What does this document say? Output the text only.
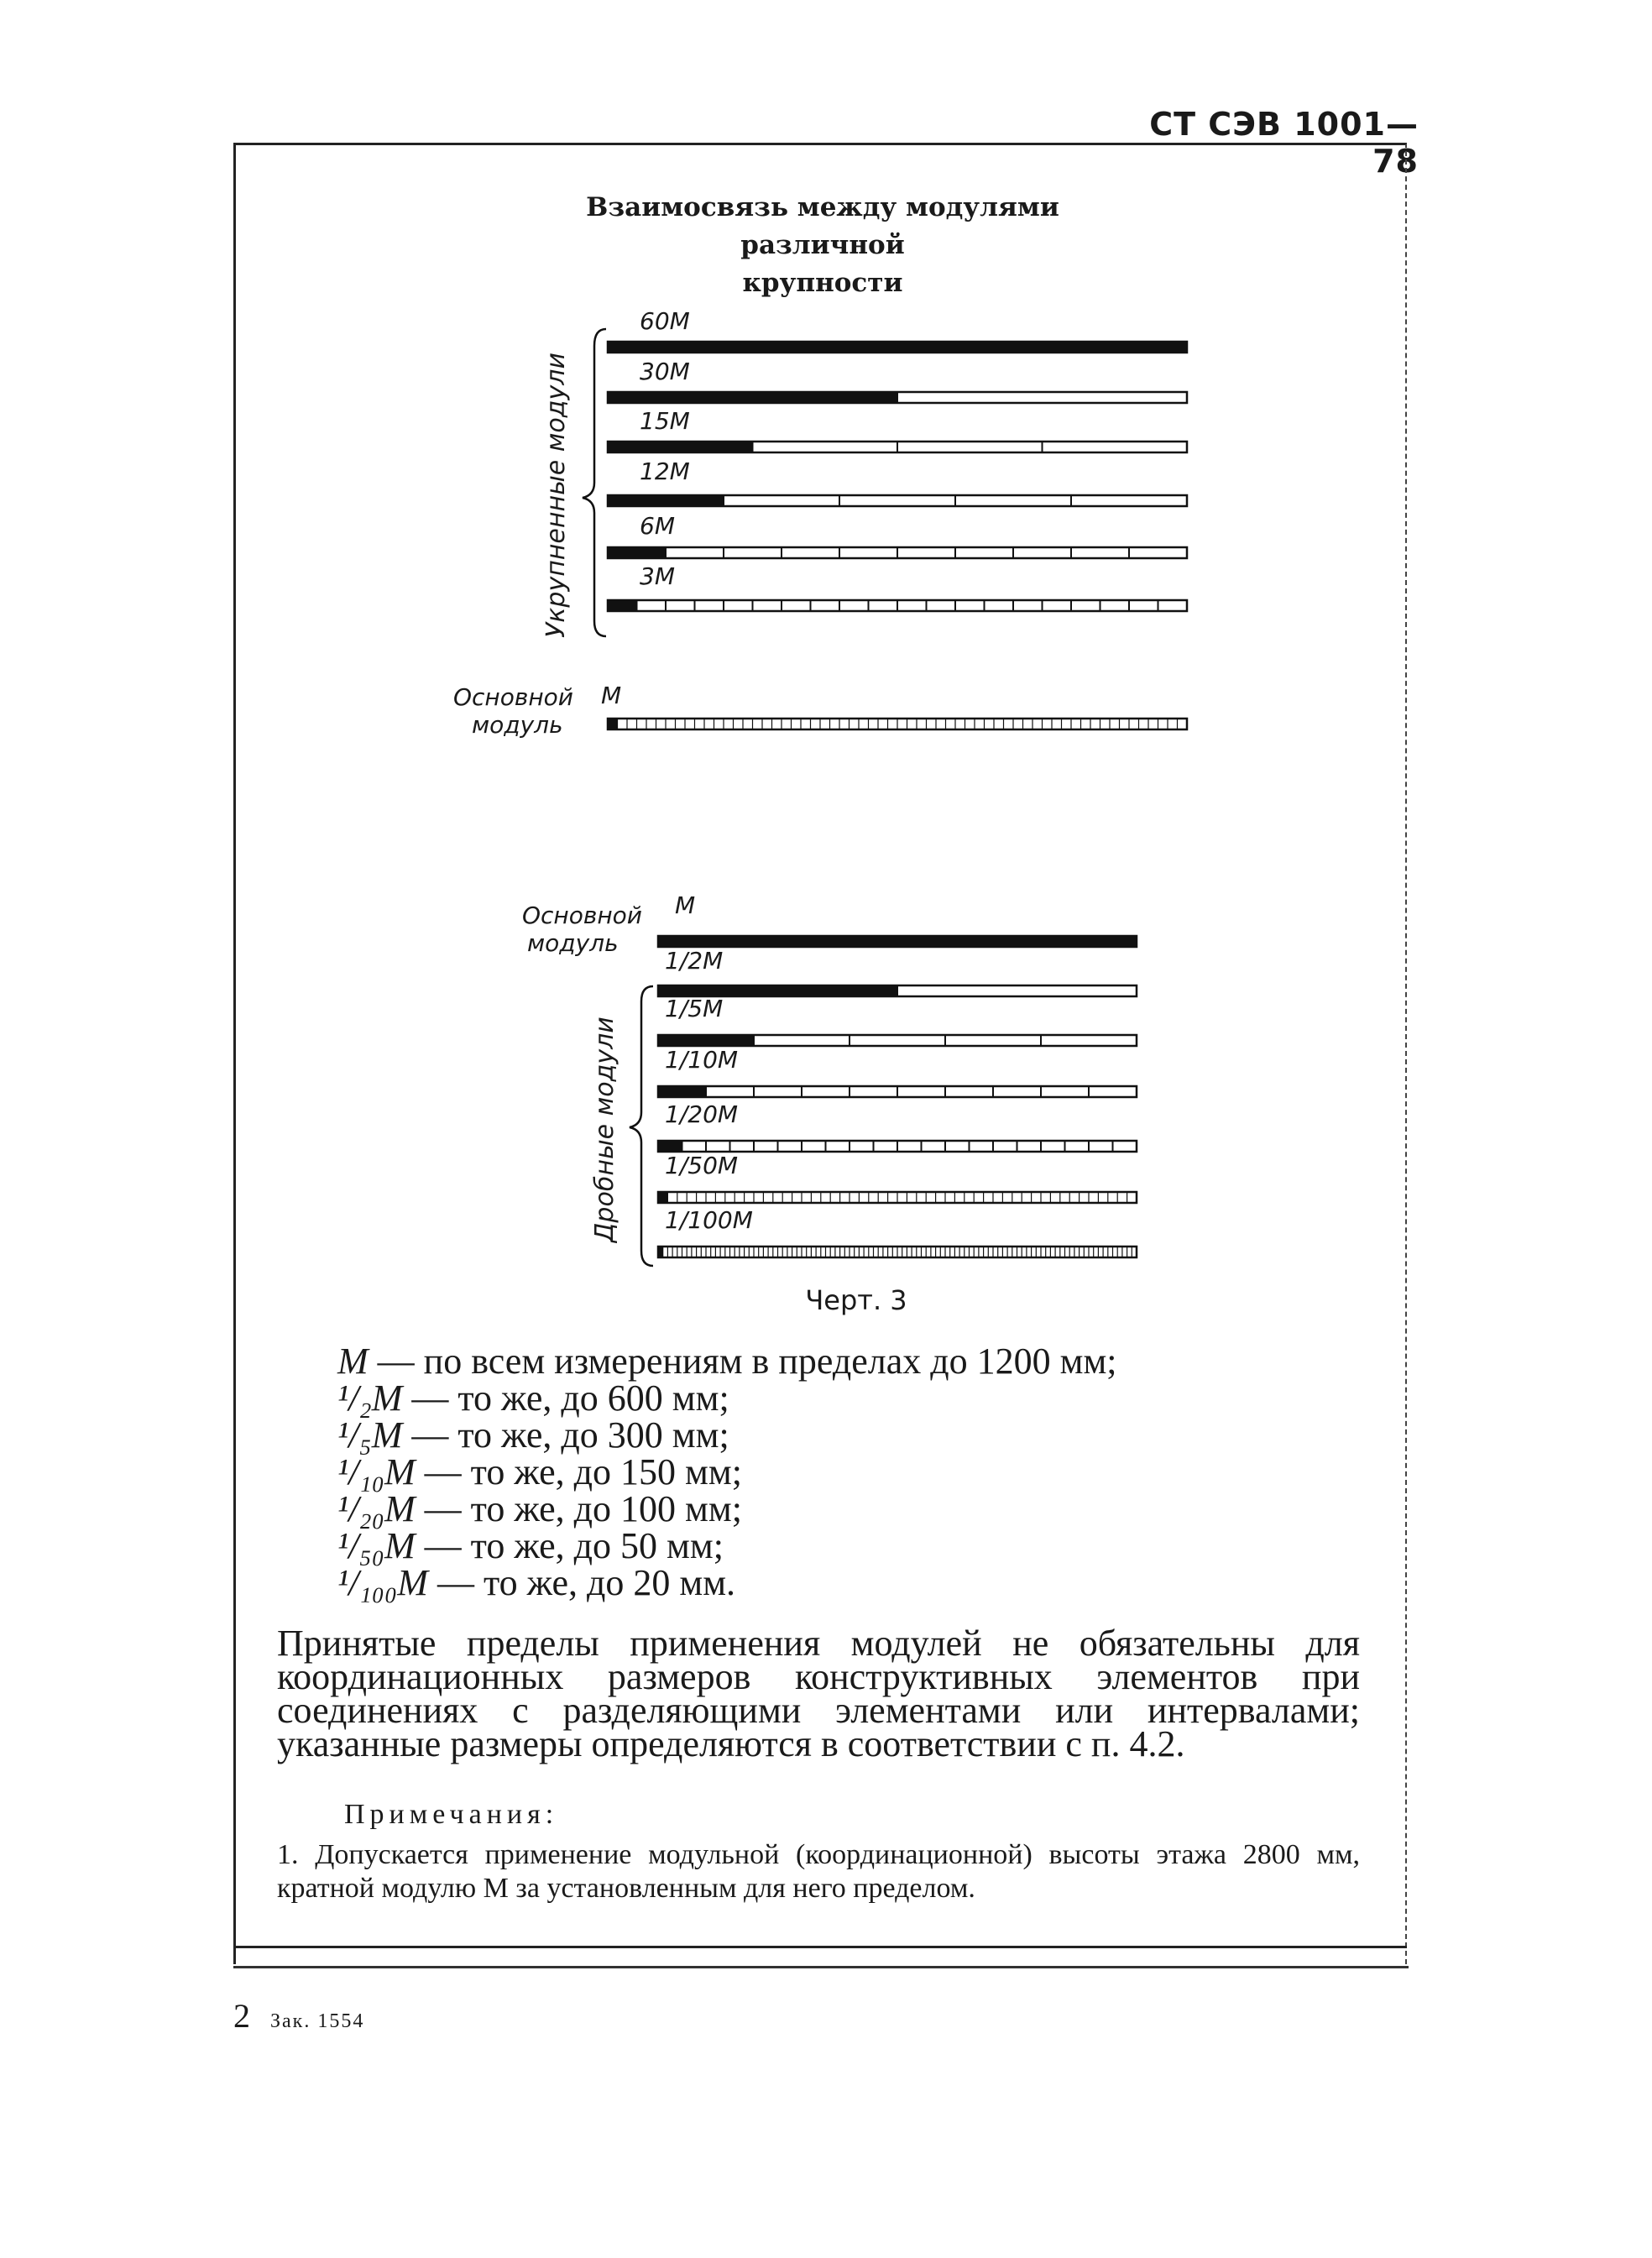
СТ СЭВ 1001—78
Взаимосвязь между модулями различной
крупности
60М
30М
15М
12М
6М
3М
Укрупненные модули
Основной
модуль
М
Основной
модуль
М
1/2М
1/5М
1/10М
1/20М
1/50М
1/100М
Дробные модули
Черт. 3
М — по всем измерениям в пределах до 1200 мм;
¹/₂М — то же, до 600 мм;
¹/₅М — то же, до 300 мм;
¹/₁₀М — то же, до 150 мм;
¹/₂₀М — то же, до 100 мм;
¹/₅₀М — то же, до 50 мм;
¹/₁₀₀М — то же, до 20 мм.
Принятые пределы применения модулей не обязательны для координационных размеров конструктивных элементов при соединениях с разделяющими элементами или интервалами; указанные размеры определяются в соответствии с п. 4.2.
Примечания:
1. Допускается применение модульной (координационной) высоты этажа 2800 мм, кратной модулю М за установленным для него пределом.
2 Зак. 1554
